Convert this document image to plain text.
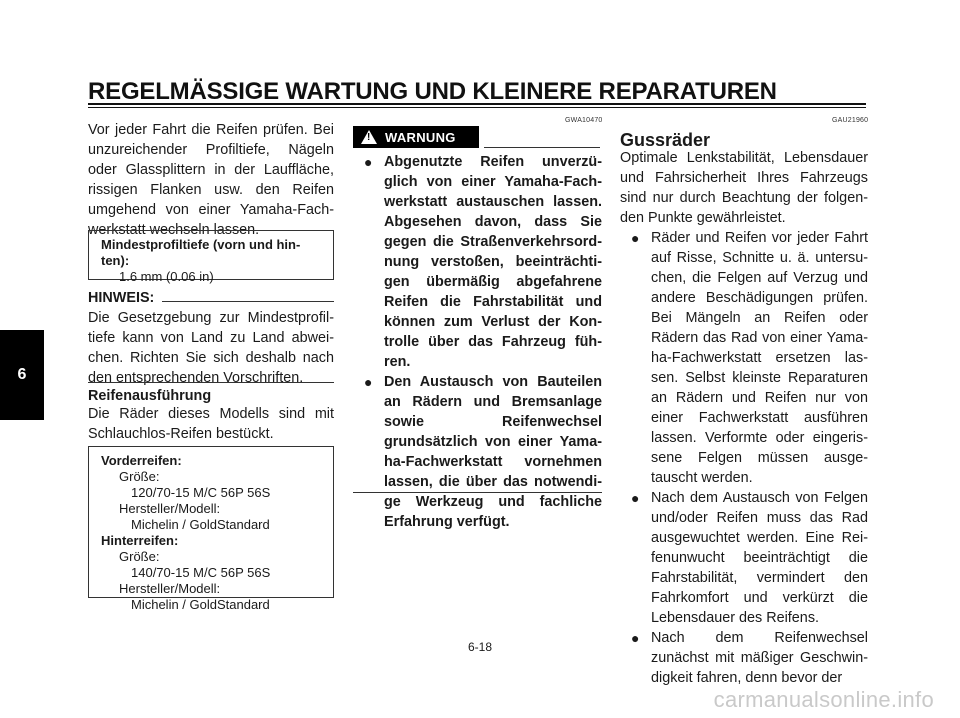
REGELMÄSSIGE WARTUNG UND KLEINERE REPARATUREN
6

Vor jeder Fahrt die Reifen prüfen. Bei unzureichender Profiltiefe, Nägeln oder Glassplittern in der Lauffläche, rissigen Flanken usw. den Reifen umgehend von einer Yamaha-Fach-werkstatt wechseln lassen.

Mindestprofiltiefe (vorn und hin-ten):
1.6 mm (0.06 in)
HINWEIS:

Die Gesetzgebung zur Mindestprofil-tiefe kann von Land zu Land abwei-chen. Richten Sie sich deshalb nach den entsprechenden Vorschriften.

Reifenausführung

Die Räder dieses Modells sind mit Schlauchlos-Reifen bestückt.

Vorderreifen:
Größe:
120/70-15 M/C 56P 56S
Hersteller/Modell:
Michelin / GoldStandard
Hinterreifen:
Größe:
140/70-15 M/C 56P 56S
Hersteller/Modell:
Michelin / GoldStandard
GWA10470
!
WARNUNG
● Abgenutzte Reifen unverzü-glich von einer Yamaha-Fach-werkstatt austauschen lassen. Abgesehen davon, dass Sie gegen die Straßenverkehrsord-nung verstoßen, beeinträchti-gen übermäßig abgefahrene Reifen die Fahrstabilität und können zum Verlust der Kon-trolle über das Fahrzeug füh-ren.
● Den Austausch von Bauteilen an Rädern und Bremsanlage sowie Reifenwechsel grundsätzlich von einer Yama-ha-Fachwerkstatt vornehmen lassen, die über das notwendi-ge Werkzeug und fachliche Erfahrung verfügt.
GAU21960
Gussräder

Optimale Lenkstabilität, Lebensdauer und Fahrsicherheit Ihres Fahrzeugs sind nur durch Beachtung der folgen-den Punkte gewährleistet.

● Räder und Reifen vor jeder Fahrt auf Risse, Schnitte u. ä. untersu-chen, die Felgen auf Verzug und andere Beschädigungen prüfen. Bei Mängeln an Reifen oder Rädern das Rad von einer Yama-ha-Fachwerkstatt ersetzen las-sen. Selbst kleinste Reparaturen an Rädern und Reifen nur von einer Fachwerkstatt ausführen lassen. Verformte oder eingeris-sene Felgen müssen ausge-tauscht werden.
● Nach dem Austausch von Felgen und/oder Reifen muss das Rad ausgewuchtet werden. Eine Rei-fenunwucht beeinträchtigt die Fahrstabilität, vermindert den Fahrkomfort und verkürzt die Lebensdauer des Reifens.
● Nach dem Reifenwechsel zunächst mit mäßiger Geschwin-digkeit fahren, denn bevor der
6-18
carmanualsonline.info
